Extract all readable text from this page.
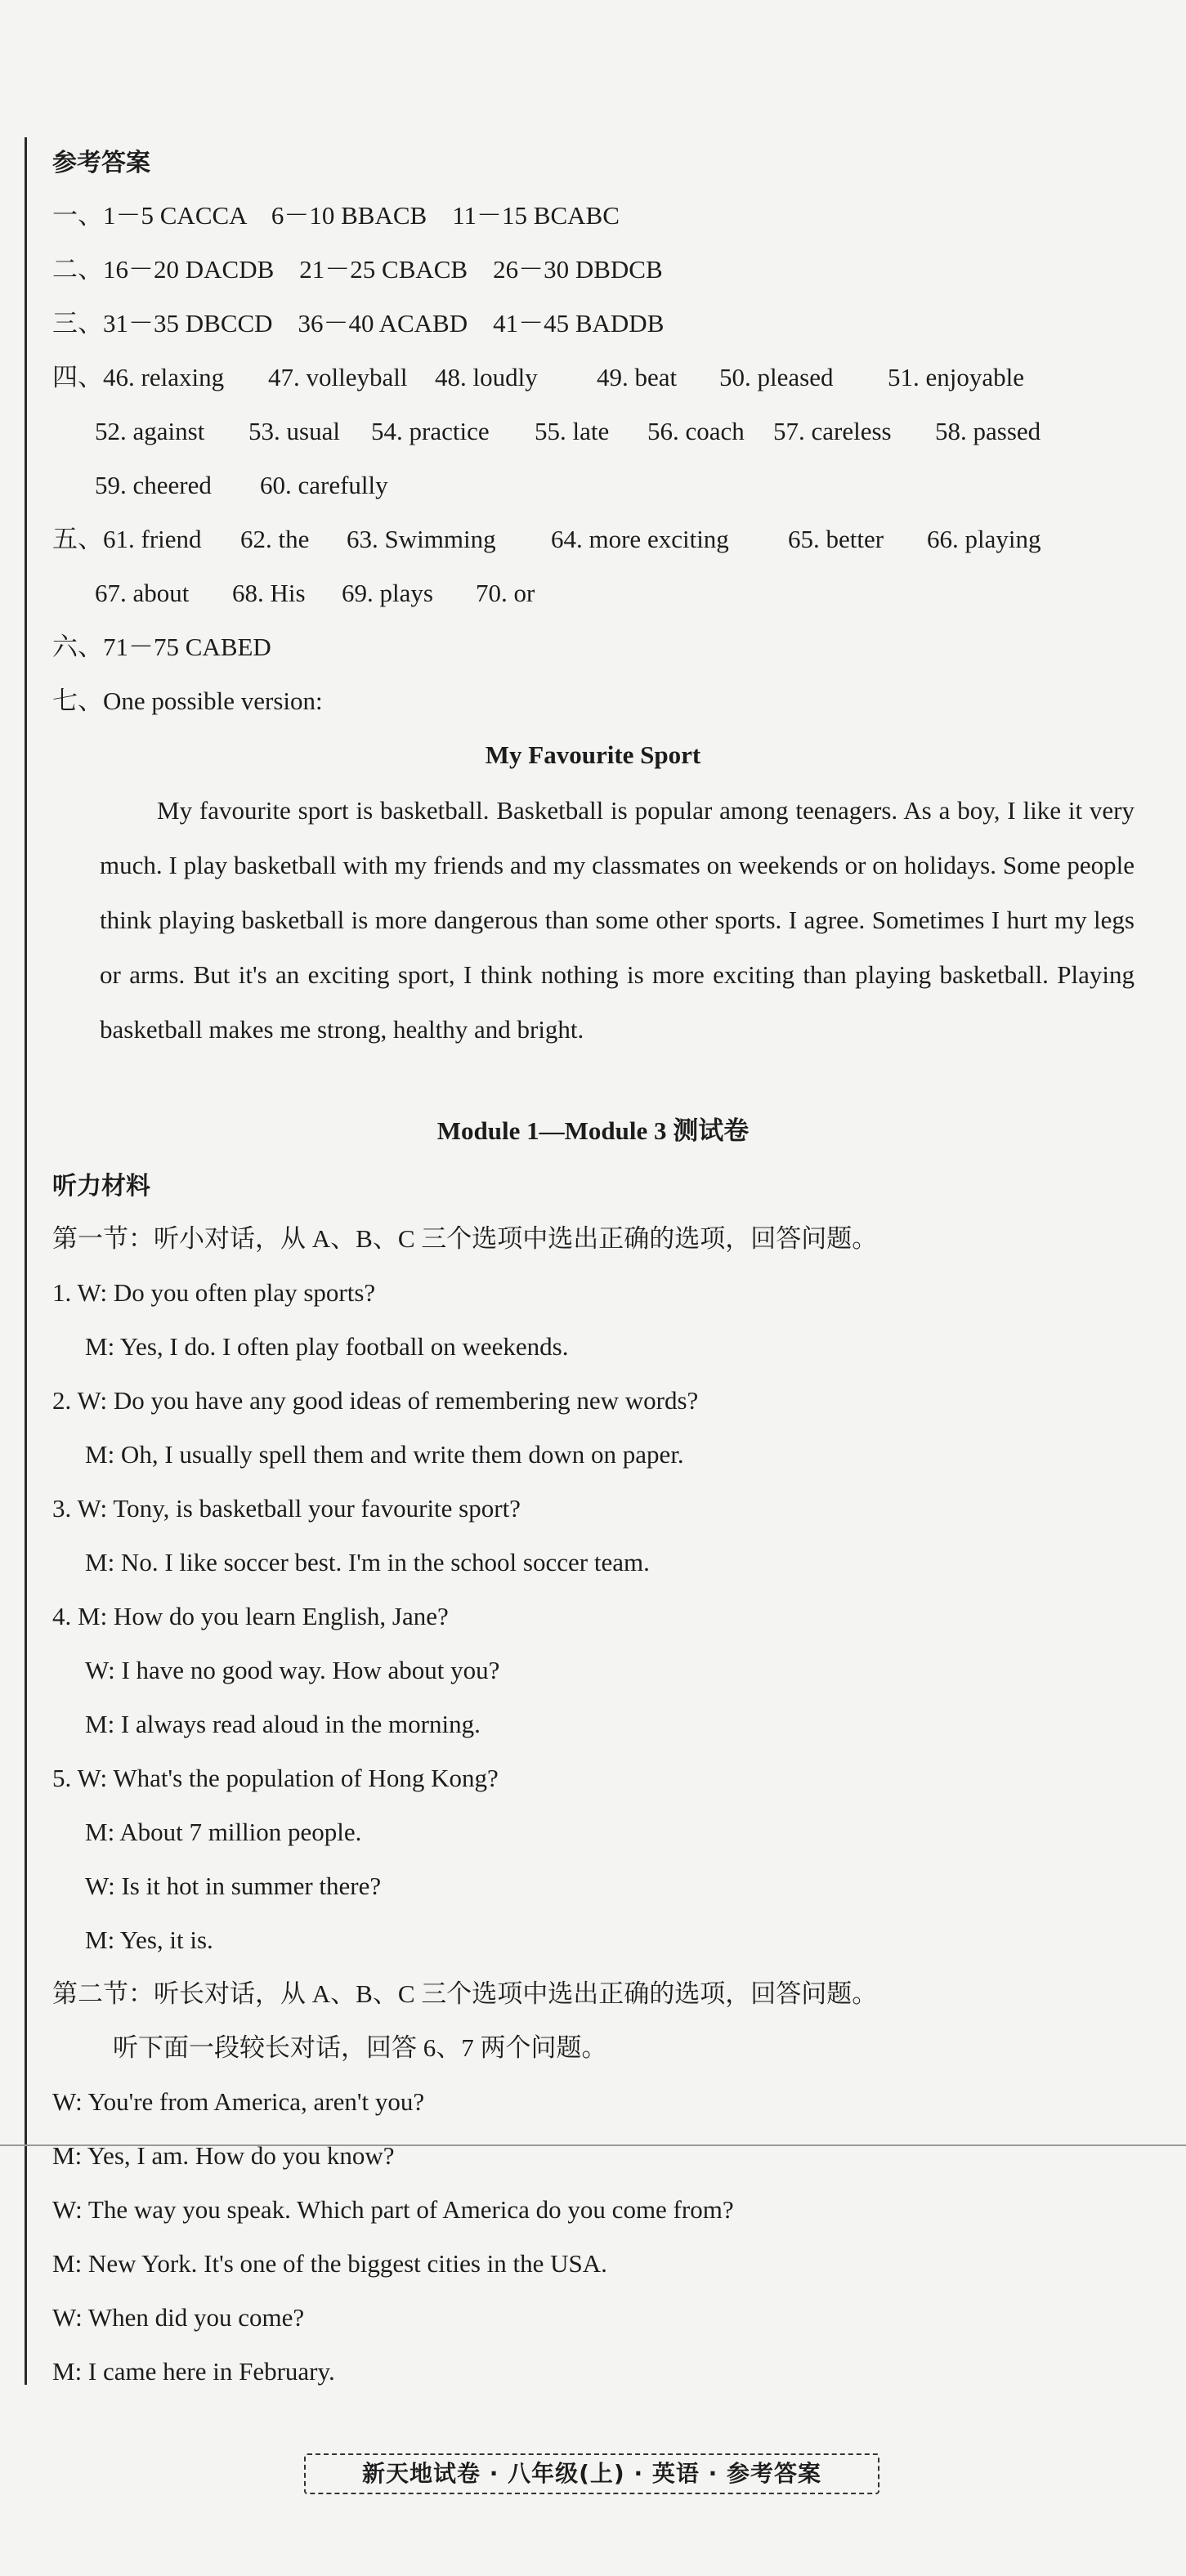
参考答案
一、1－5 CACCA　6－10 BBACB　11－15 BCABC
二、16－20 DACDB　21－25 CBACB　26－30 DBDCB
三、31－35 DBCCD　36－40 ACABD　41－45 BADDB
四、46. relaxing 47. volleyball 48. loudly 49. beat 50. pleased 51. enjoyable
52. against 53. usual 54. practice 55. late 56. coach 57. careless 58. passed
59. cheered 60. carefully
五、61. friend 62. the 63. Swimming 64. more exciting 65. better 66. playing
67. about 68. His 69. plays 70. or
六、71－75 CABED
七、One possible version:
My Favourite Sport
My favourite sport is basketball. Basketball is popular among teenagers. As a boy, I like it very much. I play basketball with my friends and my classmates on weekends or on holidays. Some people think playing basketball is more dangerous than some other sports. I agree. Sometimes I hurt my legs or arms. But it's an exciting sport, I think nothing is more exciting than playing basketball. Playing basketball makes me strong, healthy and bright.
Module 1—Module 3 测试卷
听力材料
第一节：听小对话，从 A、B、C 三个选项中选出正确的选项，回答问题。
1. W: Do you often play sports?
M: Yes, I do. I often play football on weekends.
2. W: Do you have any good ideas of remembering new words?
M: Oh, I usually spell them and write them down on paper.
3. W: Tony, is basketball your favourite sport?
M: No. I like soccer best. I'm in the school soccer team.
4. M: How do you learn English, Jane?
W: I have no good way. How about you?
M: I always read aloud in the morning.
5. W: What's the population of Hong Kong?
M: About 7 million people.
W: Is it hot in summer there?
M: Yes, it is.
第二节：听长对话，从 A、B、C 三个选项中选出正确的选项，回答问题。
听下面一段较长对话，回答 6、7 两个问题。
W: You're from America, aren't you?
M: Yes, I am. How do you know?
W: The way you speak. Which part of America do you come from?
M: New York. It's one of the biggest cities in the USA.
W: When did you come?
M: I came here in February.
新天地试卷 · 八年级(上) · 英语 · 参考答案
